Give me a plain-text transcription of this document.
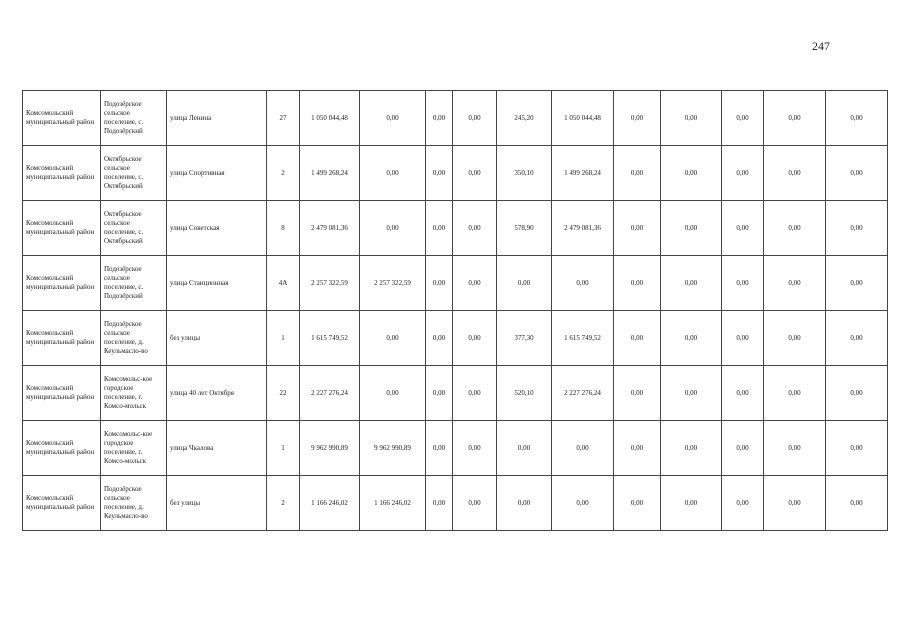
247
Комсомольский муниципальный район	Подозёрское сельское поселение, с. Подозёрский	улица Ленина	27	1 050 044,48	0,00	0,00	0,00	245,20	1 050 044,48	0,00	0,00	0,00	0,00	0,00
Комсомольский муниципальный район	Октябрьское сельское поселение, с. Октябрьский	улица Спортивная	2	1 499 268,24	0,00	0,00	0,00	350,10	1 499 268,24	0,00	0,00	0,00	0,00	0,00
Комсомольский муниципальный район	Октябрьское сельское поселение, с. Октябрьский	улица Советская	8	2 479 081,36	0,00	0,00	0,00	578,90	2 479 081,36	0,00	0,00	0,00	0,00	0,00
Комсомольский муниципальный район	Подозёрское сельское поселение, с. Подозёрский	улица Станционная	4А	2 257 322,59	2 257 322,59	0,00	0,00	0,00	0,00	0,00	0,00	0,00	0,00	0,00
Комсомольский муниципальный район	Подозёрское сельское поселение, д. Кеульмасло-во	без улицы	1	1 615 749,52	0,00	0,00	0,00	377,30	1 615 749,52	0,00	0,00	0,00	0,00	0,00
Комсомольский муниципальный район	Комсомольс-кое городское поселение, г. Комсо-мольск	улица 40 лет Октября	22	2 227 276,24	0,00	0,00	0,00	520,10	2 227 276,24	0,00	0,00	0,00	0,00	0,00
Комсомольский муниципальный район	Комсомольс-кое городское поселение, г. Комсо-мольск	улица Чкалова	1	9 962 990,89	9 962 990,89	0,00	0,00	0,00	0,00	0,00	0,00	0,00	0,00	0,00
Комсомольский муниципальный район	Подозёрское сельское поселение, д. Кеульмасло-во	без улицы	2	1 166 246,02	1 166 246,02	0,00	0,00	0,00	0,00	0,00	0,00	0,00	0,00	0,00
